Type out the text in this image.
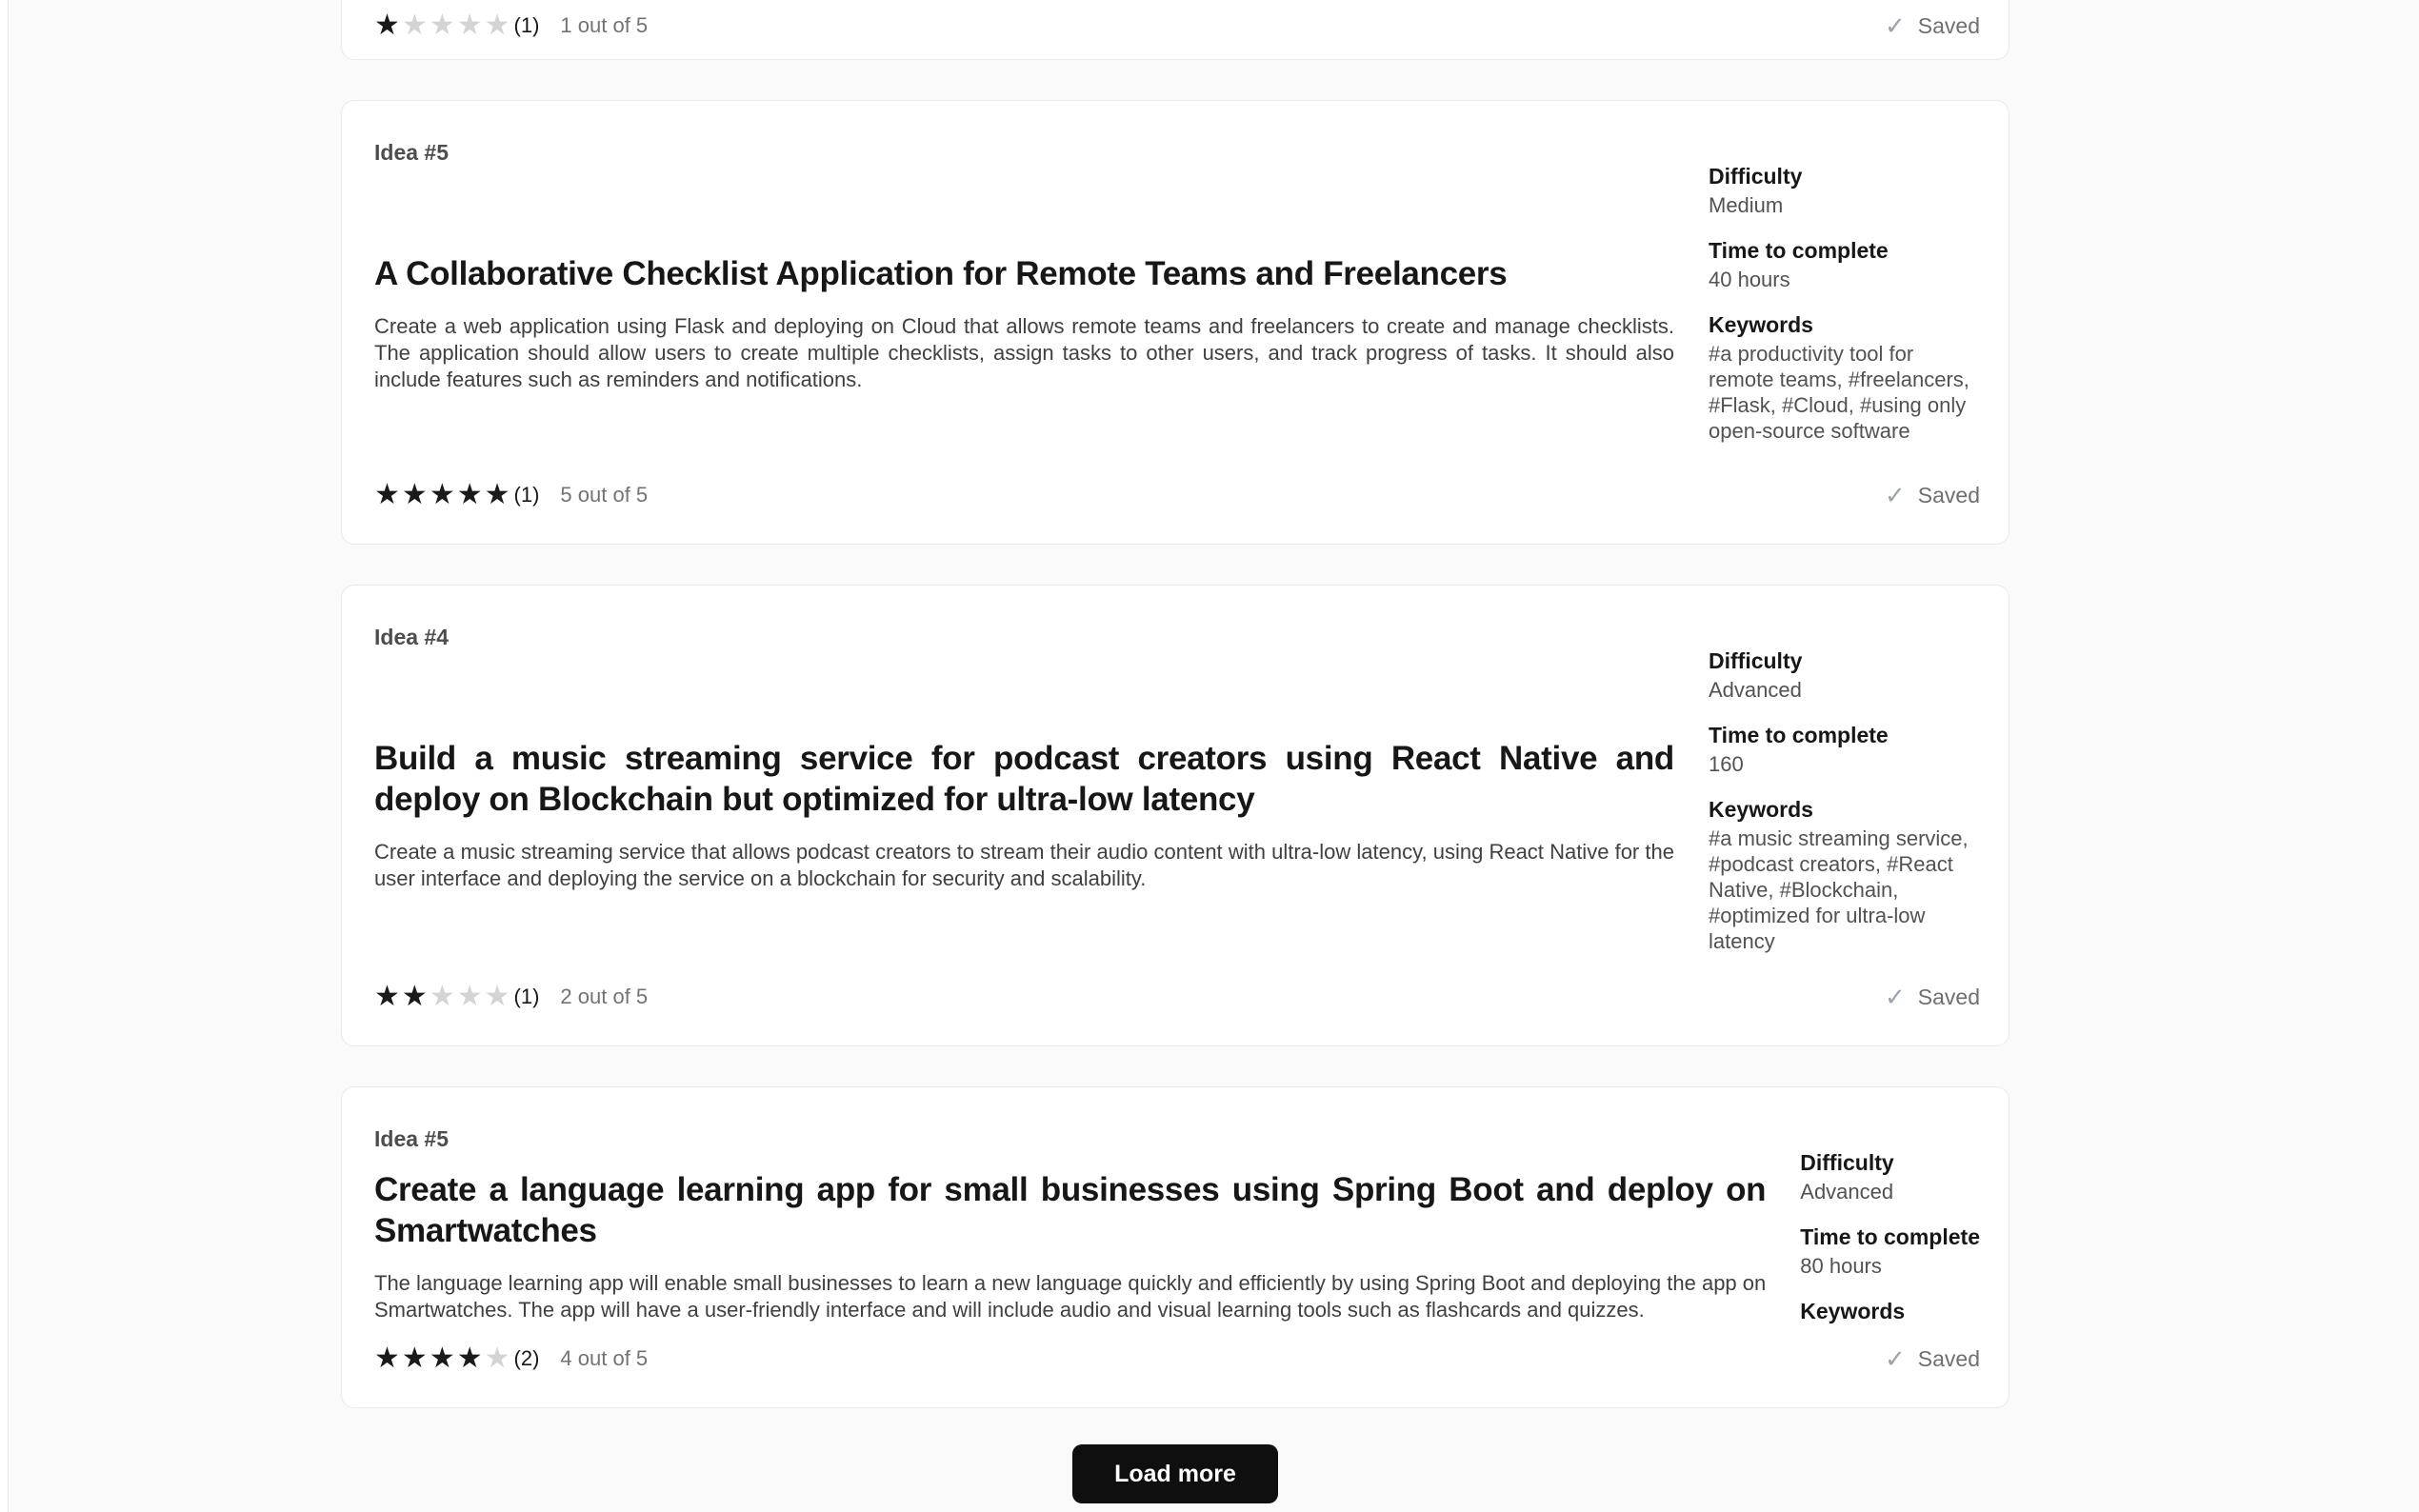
★ ★ ★ ★ ★ (1) 1 out of 5	✓ Saved
Idea #5
A Collaborative Checklist Application for Remote Teams and Freelancers

Create a web application using Flask and deploying on Cloud that allows remote teams and freelancers to create and manage checklists. The application should allow users to create multiple checklists, assign tasks to other users, and track progress of tasks. It should also include features such as reminders and notifications.

Difficulty
Medium
Time to complete
40 hours
Keywords
#a productivity tool for remote teams, #freelancers, #Flask, #Cloud, #using only open-source software
★ ★ ★ ★ ★ (1) 5 out of 5	✓ Saved
Idea #4
Build a music streaming service for podcast creators using React Native and deploy on Blockchain but optimized for ultra-low latency

Create a music streaming service that allows podcast creators to stream their audio content with ultra-low latency, using React Native for the user interface and deploying the service on a blockchain for security and scalability.

Difficulty
Advanced
Time to complete
160
Keywords
#a music streaming service, #podcast creators, #React Native, #Blockchain, #optimized for ultra-low latency
★ ★ ★ ★ ★ (1) 2 out of 5	✓ Saved
Idea #5
Create a language learning app for small businesses using Spring Boot and deploy on Smartwatches

The language learning app will enable small businesses to learn a new language quickly and efficiently by using Spring Boot and deploying the app on Smartwatches. The app will have a user-friendly interface and will include audio and visual learning tools such as flashcards and quizzes.

Difficulty
Advanced
Time to complete
80 hours
Keywords
★ ★ ★ ★ ★ (2) 4 out of 5	✓ Saved
Load more
